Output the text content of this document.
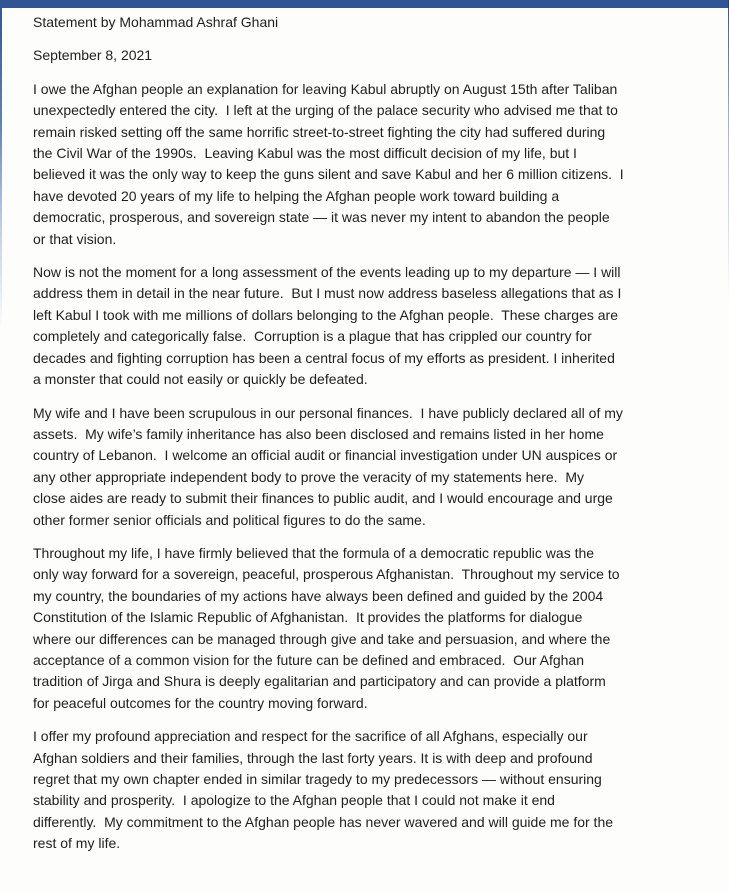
Statement by Mohammad Ashraf Ghani

September 8, 2021

I owe the Afghan people an explanation for leaving Kabul abruptly on August 15th after Taliban
unexpectedly entered the city.  I left at the urging of the palace security who advised me that to
remain risked setting off the same horrific street-to-street fighting the city had suffered during
the Civil War of the 1990s.  Leaving Kabul was the most difficult decision of my life, but I
believed it was the only way to keep the guns silent and save Kabul and her 6 million citizens.  I
have devoted 20 years of my life to helping the Afghan people work toward building a
democratic, prosperous, and sovereign state — it was never my intent to abandon the people
or that vision.
Now is not the moment for a long assessment of the events leading up to my departure — I will
address them in detail in the near future.  But I must now address baseless allegations that as I
left Kabul I took with me millions of dollars belonging to the Afghan people.  These charges are
completely and categorically false.  Corruption is a plague that has crippled our country for
decades and fighting corruption has been a central focus of my efforts as president. I inherited
a monster that could not easily or quickly be defeated.
My wife and I have been scrupulous in our personal finances.  I have publicly declared all of my
assets.  My wife’s family inheritance has also been disclosed and remains listed in her home
country of Lebanon.  I welcome an official audit or financial investigation under UN auspices or
any other appropriate independent body to prove the veracity of my statements here.  My
close aides are ready to submit their finances to public audit, and I would encourage and urge
other former senior officials and political figures to do the same.
Throughout my life, I have firmly believed that the formula of a democratic republic was the
only way forward for a sovereign, peaceful, prosperous Afghanistan.  Throughout my service to
my country, the boundaries of my actions have always been defined and guided by the 2004
Constitution of the Islamic Republic of Afghanistan.  It provides the platforms for dialogue
where our differences can be managed through give and take and persuasion, and where the
acceptance of a common vision for the future can be defined and embraced.  Our Afghan
tradition of Jirga and Shura is deeply egalitarian and participatory and can provide a platform
for peaceful outcomes for the country moving forward.
I offer my profound appreciation and respect for the sacrifice of all Afghans, especially our
Afghan soldiers and their families, through the last forty years. It is with deep and profound
regret that my own chapter ended in similar tragedy to my predecessors — without ensuring
stability and prosperity.  I apologize to the Afghan people that I could not make it end
differently.  My commitment to the Afghan people has never wavered and will guide me for the
rest of my life.
